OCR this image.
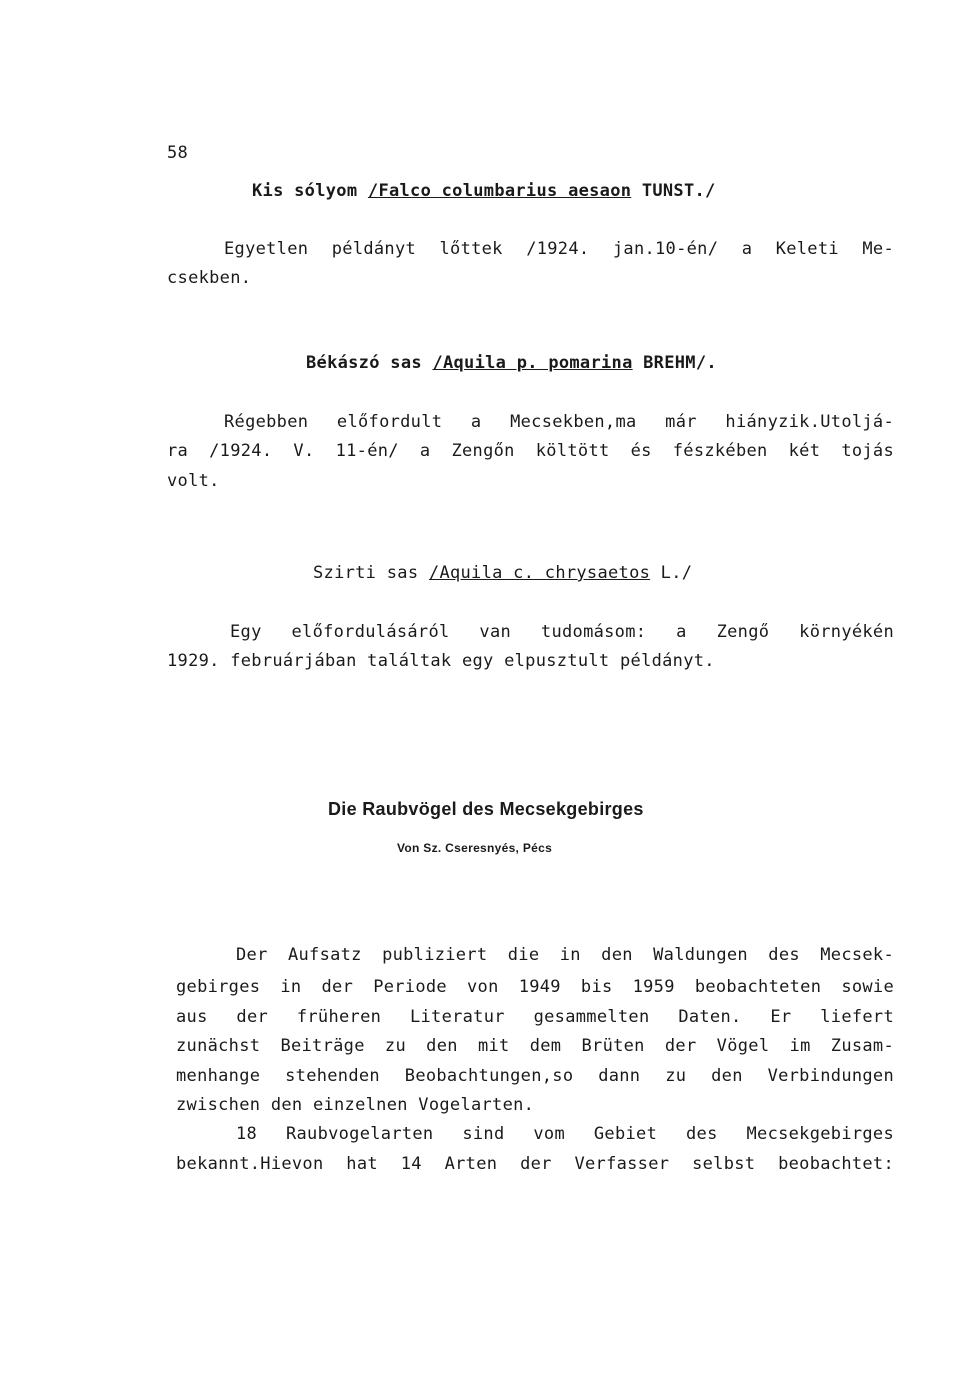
58
Kis sólyom /Falco columbarius aesaon TUNST./
Egyetlen példányt lőttek /1924. jan.10-én/ a Keleti Me-
csekben.
Békászó sas /Aquila p. pomarina BREHM/.
Régebben előfordult a Mecsekben,ma már hiányzik.Utoljá-
ra /1924. V. 11-én/ a Zengőn költött és fészkében két tojás
volt.
Szirti sas /Aquila c. chrysaetos L./
Egy előfordulásáról van tudomásom: a Zengő környékén
1929. februárjában találtak egy elpusztult példányt.
Die Raubvögel des Mecsekgebirges
Von Sz. Cseresnyés, Pécs
Der Aufsatz publiziert die in den Waldungen des Mecsek-
gebirges in der Periode von 1949 bis 1959 beobachteten sowie
aus der früheren Literatur gesammelten Daten. Er liefert
zunächst Beiträge zu den mit dem Brüten der Vögel im Zusam-
menhange stehenden Beobachtungen,so dann zu den Verbindungen
zwischen den einzelnen Vogelarten.
18 Raubvogelarten sind vom Gebiet des Mecsekgebirges
bekannt.Hievon hat 14 Arten der Verfasser selbst beobachtet:
